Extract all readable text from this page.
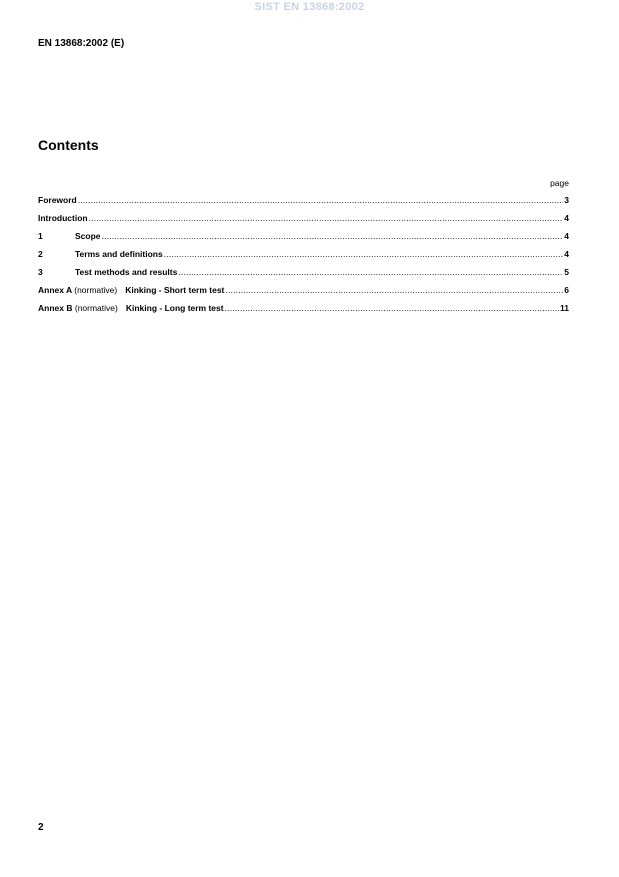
SIST EN 13868:2002
EN 13868:2002 (E)
Contents
page
Foreword .....	3
Introduction .....	4
1	Scope .....	4
2	Terms and definitions .....	4
3	Test methods and results .....	5
Annex A (normative) Kinking - Short term test .....	6
Annex B (normative) Kinking - Long term test .....	11
2
